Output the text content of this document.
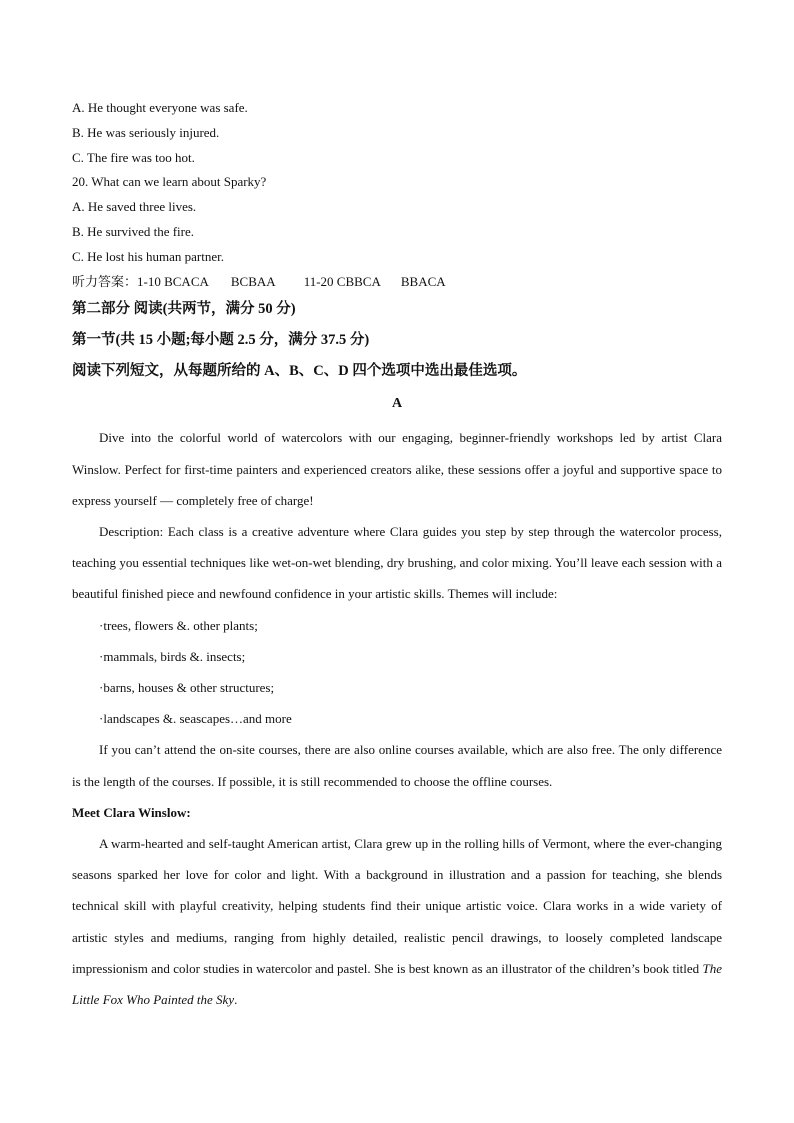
A. He thought everyone was safe.
B. He was seriously injured.
C. The fire was too hot.
20. What can we learn about Sparky?
A. He saved three lives.
B. He survived the fire.
C. He lost his human partner.
听力答案：1-10 BCACA BCBAA 11-20 CBBCA BBACA
第二部分 阅读(共两节，满分 50 分)
第一节(共 15 小题;每小题 2.5 分，满分 37.5 分)
阅读下列短文，从每题所给的 A、B、C、D 四个选项中选出最佳选项。
A

Dive into the colorful world of watercolors with our engaging, beginner-friendly workshops led by artist Clara Winslow. Perfect for first-time painters and experienced creators alike, these sessions offer a joyful and supportive space to express yourself — completely free of charge!

Description: Each class is a creative adventure where Clara guides you step by step through the watercolor process, teaching you essential techniques like wet-on-wet blending, dry brushing, and color mixing. You’ll leave each session with a beautiful finished piece and newfound confidence in your artistic skills. Themes will include:

·trees, flowers &. other plants;

·mammals, birds &. insects;

·barns, houses & other structures;

·landscapes &. seascapes…and more

If you can’t attend the on-site courses, there are also online courses available, which are also free. The only difference is the length of the courses. If possible, it is still recommended to choose the offline courses.

Meet Clara Winslow:

A warm-hearted and self-taught American artist, Clara grew up in the rolling hills of Vermont, where the ever-changing seasons sparked her love for color and light. With a background in illustration and a passion for teaching, she blends technical skill with playful creativity, helping students find their unique artistic voice. Clara works in a wide variety of artistic styles and mediums, ranging from highly detailed, realistic pencil drawings, to loosely completed landscape impressionism and color studies in watercolor and pastel. She is best known as an illustrator of the children’s book titled The Little Fox Who Painted the Sky.
